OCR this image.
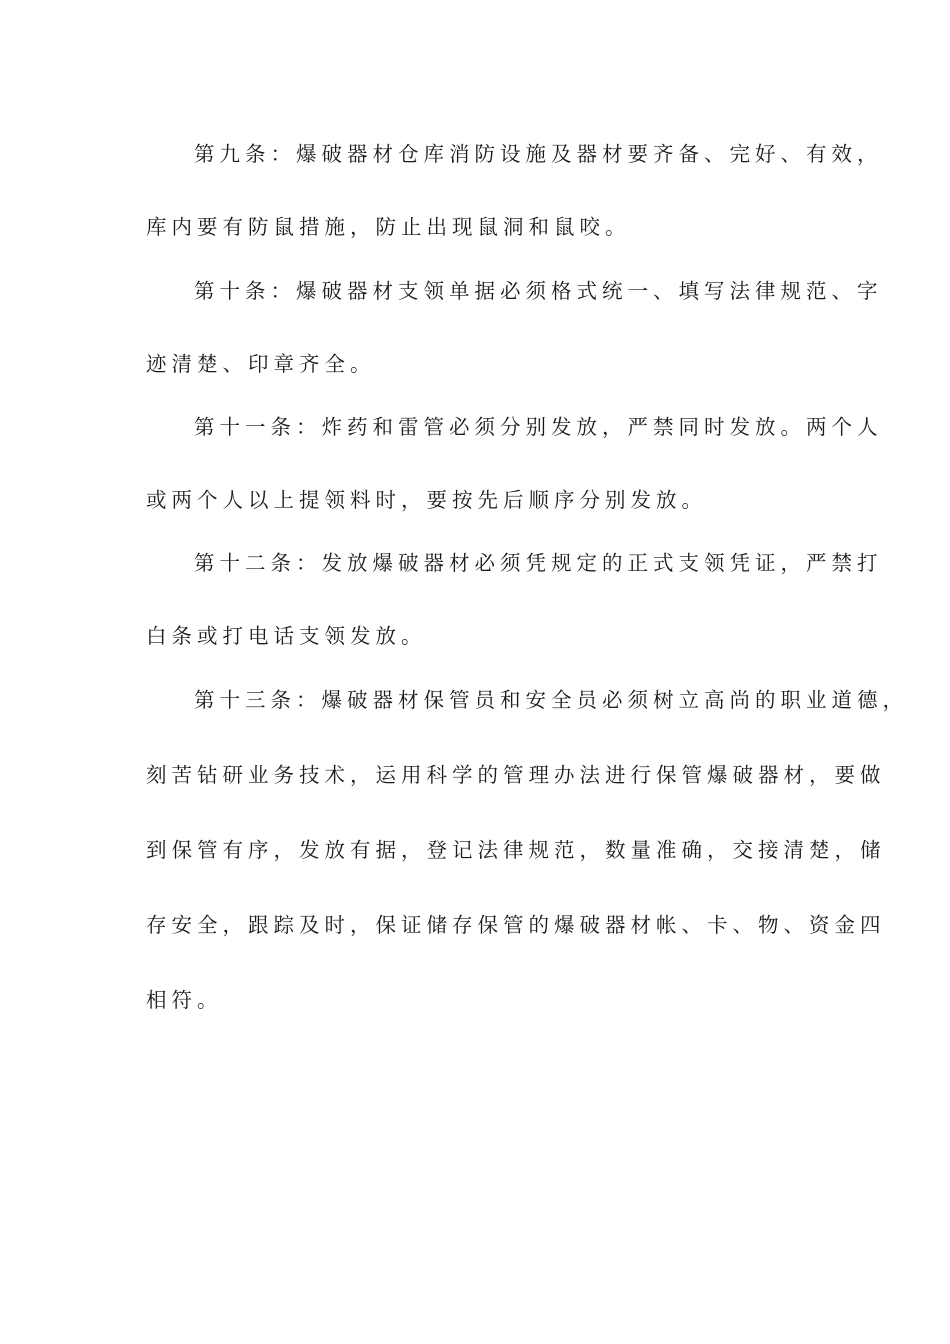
第九条：爆破器材仓库消防设施及器材要齐备、完好、有效，
库内要有防鼠措施，防止出现鼠洞和鼠咬。
第十条：爆破器材支领单据必须格式统一、填写法律规范、字
迹清楚、印章齐全。
第十一条：炸药和雷管必须分别发放，严禁同时发放。两个人
或两个人以上提领料时，要按先后顺序分别发放。
第十二条：发放爆破器材必须凭规定的正式支领凭证，严禁打
白条或打电话支领发放。
第十三条：爆破器材保管员和安全员必须树立高尚的职业道德，
刻苦钻研业务技术，运用科学的管理办法进行保管爆破器材，要做
到保管有序，发放有据，登记法律规范，数量准确，交接清楚，储
存安全，跟踪及时，保证储存保管的爆破器材帐、卡、物、资金四
相符。
